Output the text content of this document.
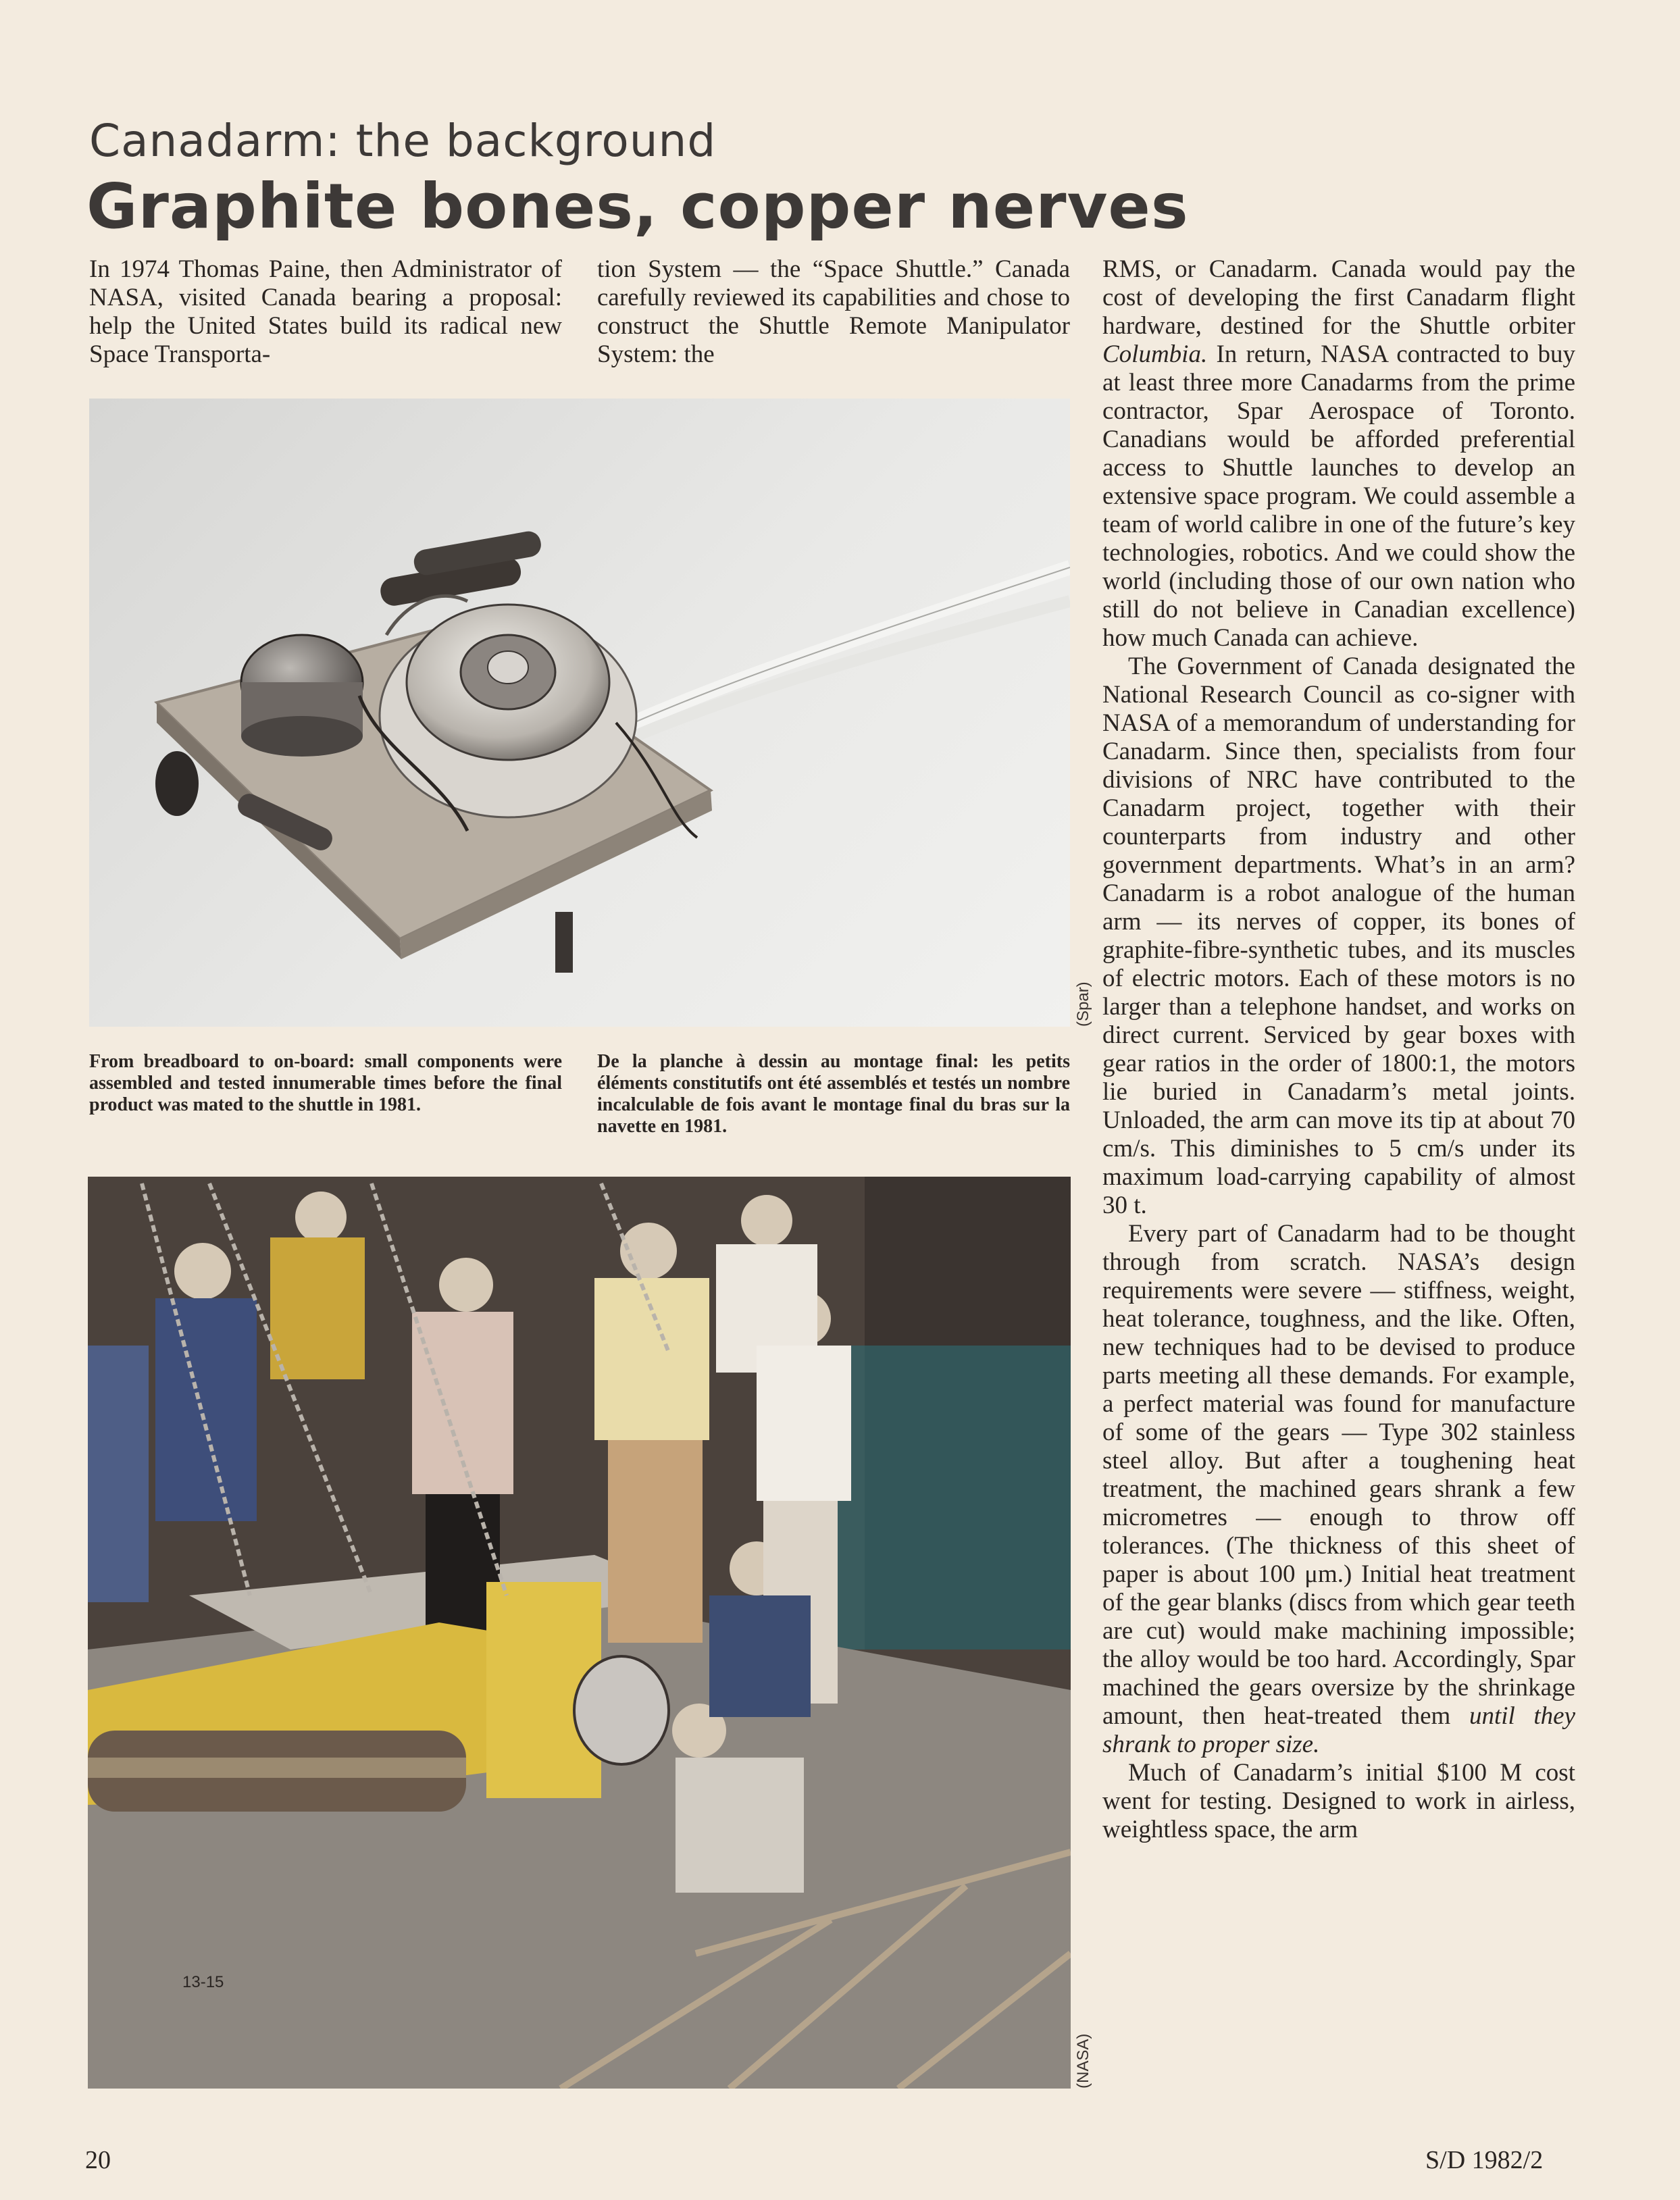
Canadarm: the background
Graphite bones, copper nerves

In 1974 Thomas Paine, then Administrator of NASA, visited Canada bearing a proposal: help the United States build its radical new Space Transporta-

tion System — the “Space Shuttle.” Canada carefully reviewed its capabilities and chose to construct the Shuttle Remote Manipulator System: the

RMS, or Canadarm. Canada would pay the cost of developing the first Canadarm flight hardware, destined for the Shuttle orbiter Columbia. In return, NASA contracted to buy at least three more Canadarms from the prime contractor, Spar Aerospace of Toronto. Canadians would be afforded preferential access to Shuttle launches to develop an extensive space program. We could assemble a team of world calibre in one of the future’s key technologies, robotics. And we could show the world (including those of our own nation who still do not believe in Canadian excellence) how much Canada can achieve.

The Government of Canada designated the National Research Council as co-signer with NASA of a memorandum of understanding for Canadarm. Since then, specialists from four divisions of NRC have contributed to the Canadarm project, together with their counterparts from industry and other government departments. What’s in an arm? Canadarm is a robot analogue of the human arm — its nerves of copper, its bones of graphite-fibre-synthetic tubes, and its muscles of electric motors. Each of these motors is no larger than a telephone handset, and works on direct current. Serviced by gear boxes with gear ratios in the order of 1800:1, the motors lie buried in Canadarm’s metal joints. Unloaded, the arm can move its tip at about 70 cm/s. This diminishes to 5 cm/s under its maximum load-carrying capability of almost 30 t.

Every part of Canadarm had to be thought through from scratch. NASA’s design requirements were severe — stiffness, weight, heat tolerance, toughness, and the like. Often, new techniques had to be devised to produce parts meeting all these demands. For example, a perfect material was found for manufacture of some of the gears — Type 302 stainless steel alloy. But after a toughening heat treatment, the machined gears shrank a few micrometres — enough to throw off tolerances. (The thickness of this sheet of paper is about 100 μm.) Initial heat treatment of the gear blanks (discs from which gear teeth are cut) would make machining impossible; the alloy would be too hard. Accordingly, Spar machined the gears oversize by the shrinkage amount, then heat-treated them until they shrank to proper size.

Much of Canadarm’s initial $100 M cost went for testing. Designed to work in airless, weightless space, the arm

(Spar)
From breadboard to on-board: small components were assembled and tested innumerable times before the final product was mated to the shuttle in 1981.
De la planche à dessin au montage final: les petits éléments constitutifs ont été assemblés et testés un nombre incalculable de fois avant le montage final du bras sur la navette en 1981.
13-15
(NASA)
20	S/D 1982/2
